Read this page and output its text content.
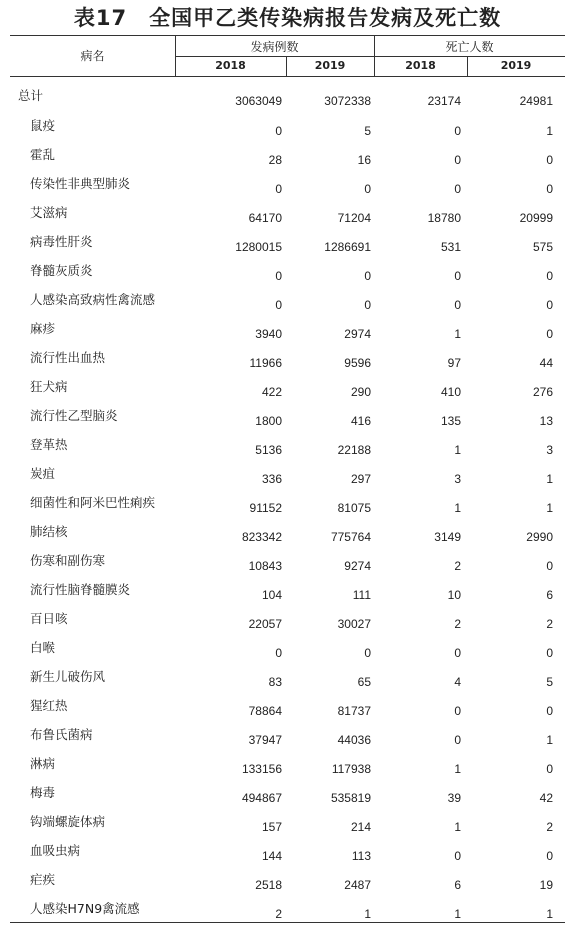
表17 全国甲乙类传染病报告发病及死亡数
病名
发病例数	死亡人数
2018	2019	2018	2019
总计	3063049	3072338	23174	24981
鼠疫	0	5	0	1
霍乱	28	16	0	0
传染性非典型肺炎	0	0	0	0
艾滋病	64170	71204	18780	20999
病毒性肝炎	1280015	1286691	531	575
脊髓灰质炎	0	0	0	0
人感染高致病性禽流感	0	0	0	0
麻疹	3940	2974	1	0
流行性出血热	11966	9596	97	44
狂犬病	422	290	410	276
流行性乙型脑炎	1800	416	135	13
登革热	5136	22188	1	3
炭疽	336	297	3	1
细菌性和阿米巴性痢疾	91152	81075	1	1
肺结核	823342	775764	3149	2990
伤寒和副伤寒	10843	9274	2	0
流行性脑脊髓膜炎	104	111	10	6
百日咳	22057	30027	2	2
白喉	0	0	0	0
新生儿破伤风	83	65	4	5
猩红热	78864	81737	0	0
布鲁氏菌病	37947	44036	0	1
淋病	133156	117938	1	0
梅毒	494867	535819	39	42
钩端螺旋体病	157	214	1	2
血吸虫病	144	113	0	0
疟疾	2518	2487	6	19
人感染H7N9禽流感	2	1	1	1
